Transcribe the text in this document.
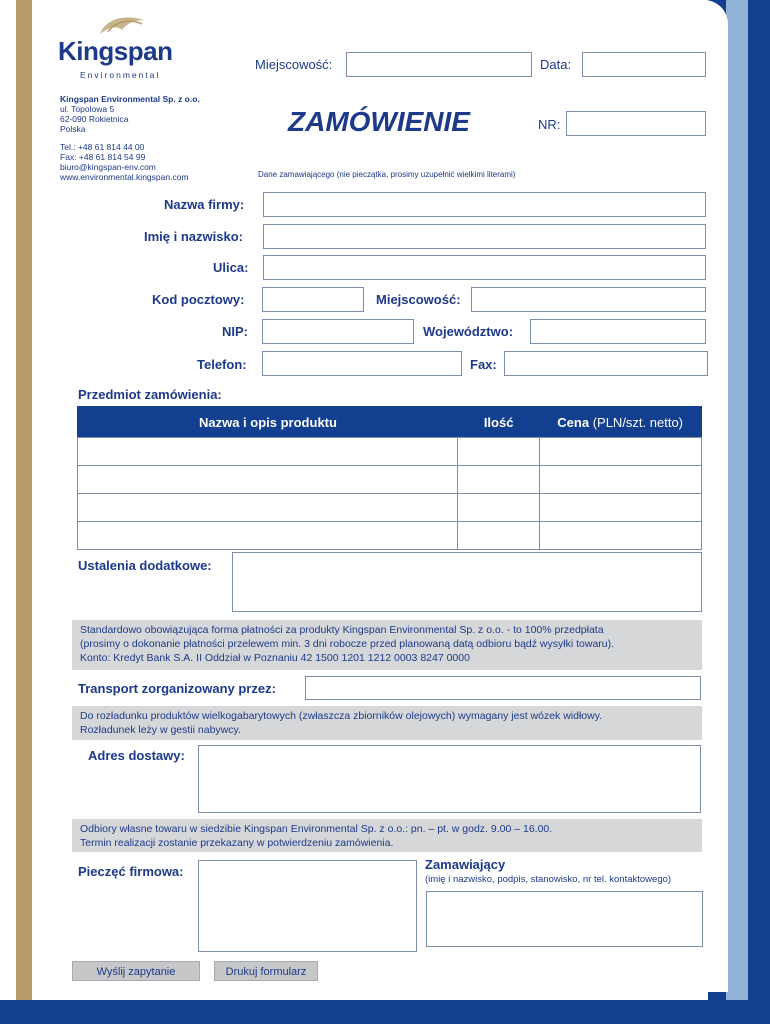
Kingspan
Environmental
Kingspan Environmental Sp. z o.o.
ul. Topolowa 5
62-090 Rokietnica
Polska
Tel.: +48 61 814 44 00
Fax: +48 61 814 54 99
biuro@kingspan-env.com
www.environmental.kingspan.com
Miejscowość:	Data:
ZAMÓWIENIE	NR:
Dane zamawiającego (nie pieczątka, prosimy uzupełnić wielkimi literami)
Nazwa firmy:
Imię i nazwisko:
Ulica:
Kod pocztowy:	Miejscowość:
NIP:	Województwo:
Telefon:	Fax:
Przedmiot zamówienia:
Nazwa i opis produktu	Ilość	Cena (PLN/szt. netto)

Ustalenia dodatkowe:
Standardowo obowiązująca forma płatności za produkty Kingspan Environmental Sp. z o.o. - to 100% przedpłata
(prosimy o dokonanie płatności przelewem min. 3 dni robocze przed planowaną datą odbioru bądź wysyłki towaru).
Konto: Kredyt Bank S.A. II Oddział w Poznaniu 42 1500 1201 1212 0003 8247 0000
Transport zorganizowany przez:
Do rozładunku produktów wielkogabarytowych (zwłaszcza zbiorników olejowych) wymagany jest wózek widłowy.
Rozładunek leży w gestii nabywcy.
Adres dostawy:
Odbiory własne towaru w siedzibie Kingspan Environmental Sp. z o.o.: pn. – pt. w godz. 9.00 – 16.00.
Termin realizacji zostanie przekazany w potwierdzeniu zamówienia.
Pieczęć firmowa:	Zamawiający
(imię i nazwisko, podpis, stanowisko, nr tel. kontaktowego)
Wyślij zapytanie	Drukuj formularz
